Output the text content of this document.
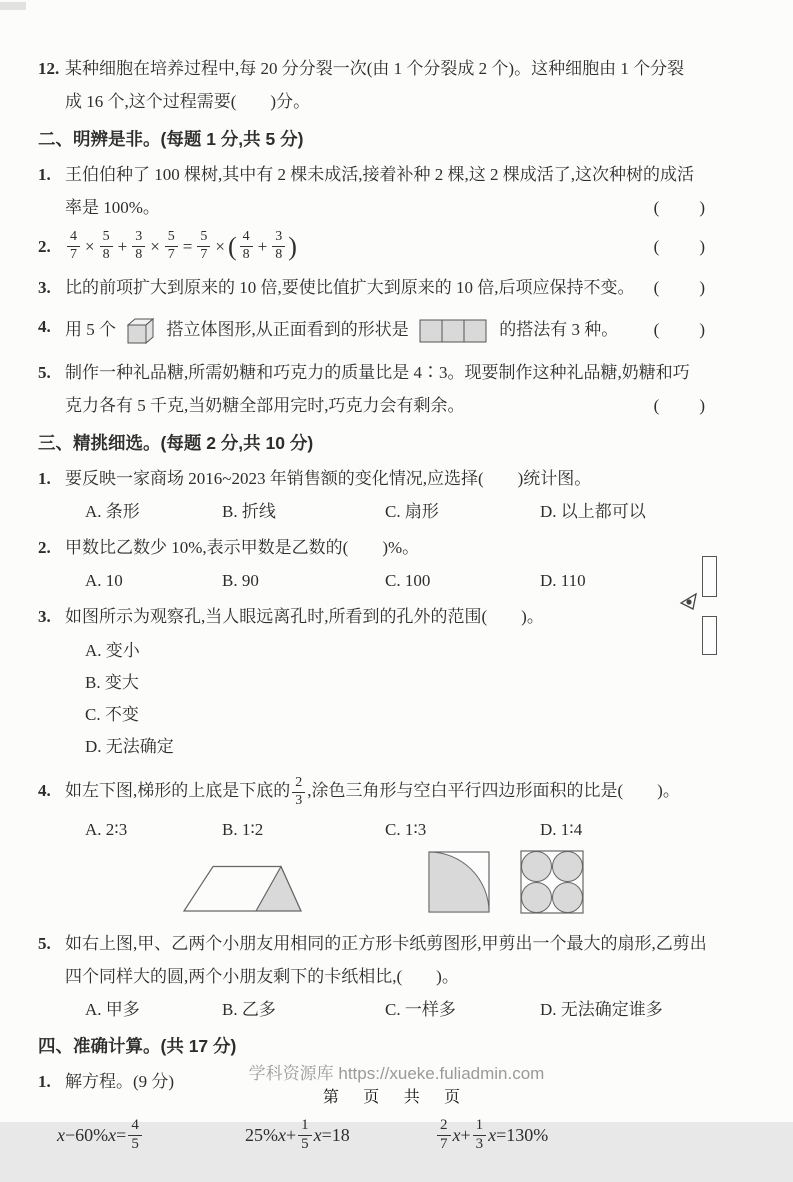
12. 某种细胞在培养过程中,每 20 分分裂一次(由 1 个分裂成 2 个)。这种细胞由 1 个分裂
成 16 个,这个过程需要(　　)分。
二、明辨是非。(每题 1 分,共 5 分)
1. 王伯伯种了 100 棵树,其中有 2 棵未成活,接着补种 2 棵,这 2 棵成活了,这次种树的成活
率是 100%。	(　　)
2.	$\frac{4}{7} \times \frac{5}{8} + \frac{3}{8} \times \frac{5}{7} = \frac{5}{7}$ × ( $\frac{4}{8} + \frac{3}{8}$ )	(　　)
3. 比的前项扩大到原来的 10 倍,要使比值扩大到原来的 10 倍,后项应保持不变。 (　　)
4. 用 5 个	搭立体图形,从正面看到的形状是	的搭法有 3 种。 (　　)
5. 制作一种礼品糖,所需奶糖和巧克力的质量比是 4∶3。现要制作这种礼品糖,奶糖和巧
克力各有 5 千克,当奶糖全部用完时,巧克力会有剩余。	(　　)
三、精挑细选。(每题 2 分,共 10 分)
1. 要反映一家商场 2016~2023 年销售额的变化情况,应选择(　　)统计图。
A. 条形	B. 折线	C. 扇形	D. 以上都可以
2. 甲数比乙数少 10%,表示甲数是乙数的(　　)%。
A. 10	B. 90	C. 100	D. 110
3. 如图所示为观察孔,当人眼远离孔时,所看到的孔外的范围(　　)。
A. 变小
B. 变大
C. 不变
D. 无法确定
4. 如左下图,梯形的上底是下底的 $\frac{2}{3}$ ,涂色三角形与空白平行四边形面积的比是(　　)。
A. 2∶3	B. 1∶2	C. 1∶3	D. 1∶4
5. 如右上图,甲、乙两个小朋友用相同的正方形卡纸剪图形,甲剪出一个最大的扇形,乙剪出
四个同样大的圆,两个小朋友剩下的卡纸相比,(　　)。
A. 甲多	B. 乙多	C. 一样多	D. 无法确定谁多
四、准确计算。(共 17 分)
1. 解方程。(9 分)
x −60% $x = \frac{4}{5}$	25% $x + \frac{1}{5}$ x =18	$\frac{2}{7}$ $x + \frac{1}{3}$ x =130%
学科资源库 https://xueke.fuliadmin.com
第 页 共 页
